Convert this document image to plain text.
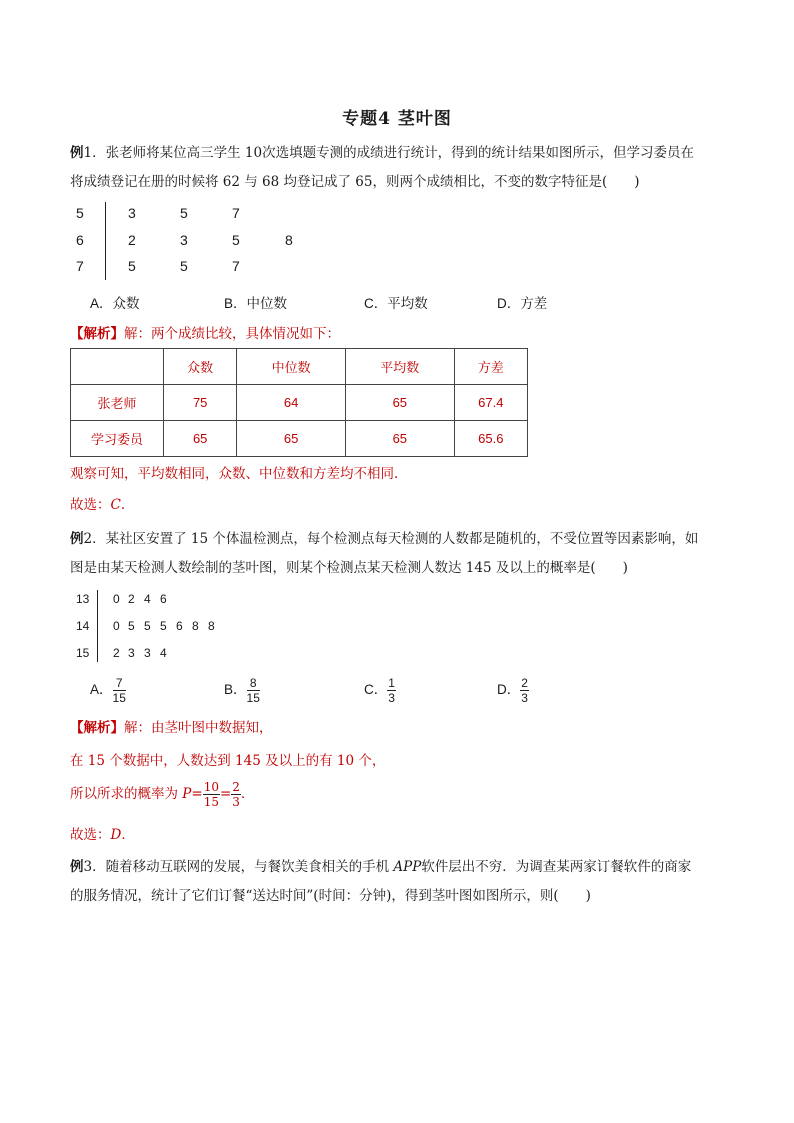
专题4 茎叶图
例1．张老师将某位高三学生 10次选填题专测的成绩进行统计，得到的统计结果如图所示，但学习委员在
将成绩登记在册的时候将 62 与 68 均登记成了 65，则两个成绩相比，不变的数字特征是(　　)
5	3	5	7
6	2	3	5	8
7	5	5	7
A．众数	B．中位数	C．平均数	D．方差
【解析】解：两个成绩比较，具体情况如下：
	众数	中位数	平均数	方差
张老师	75	64	65	67.4
学习委员	65	65	65	65.6
观察可知，平均数相同，众数、中位数和方差均不相同．
故选：C．
例2．某社区安置了 15 个体温检测点，每个检测点每天检测的人数都是随机的，不受位置等因素影响，如
图是由某天检测人数绘制的茎叶图，则某个检测点某天检测人数达 145 及以上的概率是(　　)
13 0 2 4 6
14 0 5 5 5 6 8 8
15 2 3 3 4
A． $\frac{7}{15}$	B． $\frac{8}{15}$	C． $\frac{1}{3}$	D． $\frac{2}{3}$
【解析】解：由茎叶图中数据知，
在 15 个数据中，人数达到 145 及以上的有 10 个，
所以所求的概率为 $P= \frac{10}{15} = \frac{2}{3}$ ．
故选：D．
例3．随着移动互联网的发展，与餐饮美食相关的手机 APP软件层出不穷．为调查某两家订餐软件的商家
的服务情况，统计了它们订餐“送达时间”(时间：分钟)，得到茎叶图如图所示，则(　　)
